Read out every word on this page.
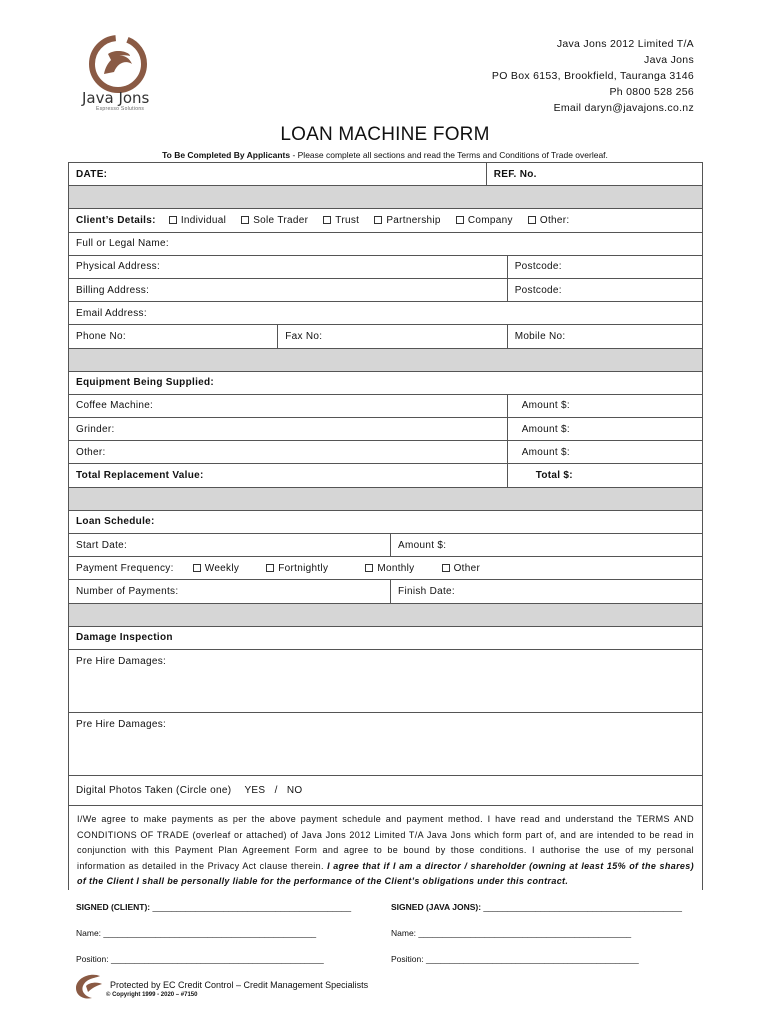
Java Jons
Espresso Solutions
Java Jons 2012 Limited T/A
Java Jons
PO Box 6153, Brookfield, Tauranga 3146
Ph 0800 528 256
Email daryn@javajons.co.nz
LOAN MACHINE FORM
To Be Completed By Applicants - Please complete all sections and read the Terms and Conditions of Trade overleaf.
DATE:			REF. No.	

Client’s Details: Individual Sole Trader Trust Partnership Company Other:				
Full or Legal Name:				
Physical Address:				Postcode:
Billing Address:				Postcode:
Email Address:				
Phone No:	Fax No:			Mobile No:

Equipment Being Supplied:				
Coffee Machine:				Amount $:
Grinder:				Amount $:
Other:				Amount $:
Total Replacement Value:				Total $:

Loan Schedule:				
Start Date:		Amount $:		
Payment Frequency: Weekly Fortnightly Monthly Other				
Number of Payments:		Finish Date:		

Damage Inspection				
Pre Hire Damages:				
Pre Hire Damages:				
Digital Photos Taken (Circle one) YES   /   NO				
I/We agree to make payments as per the above payment schedule and payment method. I have read and understand the TERMS AND CONDITIONS OF TRADE (overleaf or attached) of Java Jons 2012 Limited T/A Java Jons which form part of, and are intended to be read in conjunction with this Payment Plan Agreement Form and agree to be bound by those conditions. I authorise the use of my personal information as detailed in the Privacy Act clause therein. I agree that if I am a director / shareholder (owning at least 15% of the shares) of the Client I shall be personally liable for the performance of the Client’s obligations under this contract.
SIGNED (CLIENT): __________________________________________	SIGNED (JAVA JONS): __________________________________________
Name: _____________________________________________	Name: _____________________________________________
Position: _____________________________________________	Position: _____________________________________________
Protected by EC Credit Control – Credit Management Specialists
© Copyright 1999 - 2020 – #7150
